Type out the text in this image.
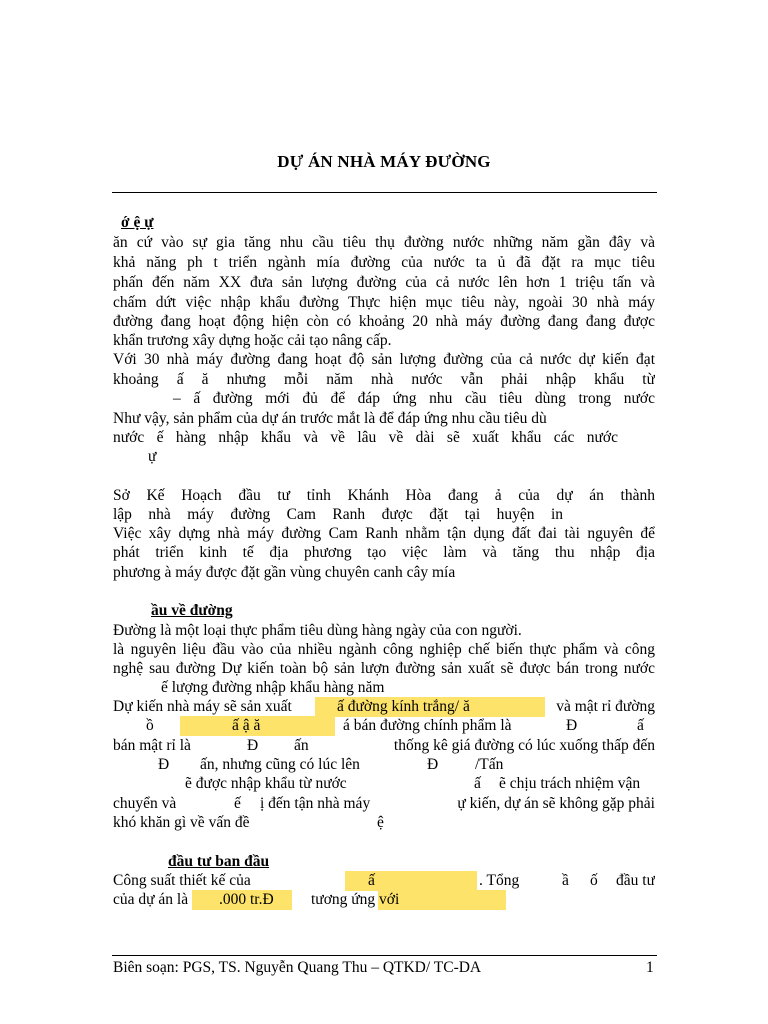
DỰ ÁN NHÀ MÁY ĐƯỜNG
ớ ệ ự
ăn cứ vào sự gia tăng nhu cầu tiêu thụ đường nước những năm gần đây và
khả năng ph t triển ngành mía đường của nước ta ủ đã đặt ra mục tiêu
phấn đến năm XX đưa sản lượng đường của cả nước lên hơn 1 triệu tấn và
chấm dứt việc nhập khẩu đường Thực hiện mục tiêu này, ngoài 30 nhà máy
đường đang hoạt động hiện còn có khoảng 20 nhà máy đường đang đang được
khẩn trương xây dựng hoặc cải tạo nâng cấp.
Với 30 nhà máy đường đang hoạt độ sản lượng đường của cả nước dự kiến đạt
khoảng ấ ă nhưng mỗi năm nhà nước vẫn phải nhập khẩu từ
– ấ đường mới đủ để đáp ứng nhu cầu tiêu dùng trong nước
Như vậy, sản phẩm của dự án trước mắt là để đáp ứng nhu cầu tiêu dù
nước ế hàng nhập khẩu và về lâu về dài sẽ xuất khẩu các nước
ự
Sở Kế Hoạch đầu tư tỉnh Khánh Hòa đang ả của dự án thành
lập nhà máy đường Cam Ranh được đặt tại huyện in
Việc xây dựng nhà máy đường Cam Ranh nhằm tận dụng đất đai tài nguyên để
phát triển kinh tế địa phương tạo việc làm và tăng thu nhập địa
phương à máy được đặt gần vùng chuyên canh cây mía
ầu về đường
Đường là một loại thực phẩm tiêu dùng hàng ngày của con người.
là nguyên liệu đầu vào của nhiều ngành công nghiệp chế biến thực phẩm và công
nghệ sau đường Dự kiến toàn bộ sản lượn đường sản xuất sẽ được bán trong nước
ế lượng đường nhập khẩu hàng năm
Dự kiến nhà máy sẽ sản xuất	ấ đường kính trắng/ ă	và mật rỉ đường
ồ	ấ ậ ă	á bán đường chính phẩm là	Đ	ấ
bán mật rỉ là	Đ ấn	thống kê giá đường có lúc xuống thấp đến
Đ ấn, nhưng cũng có lúc lên	Đ /Tấn
ẽ được nhập khẩu từ nước	ấ ẽ chịu trách nhiệm vận
chuyển và	ế ị đến tận nhà máy	ự kiến, dự án sẽ không gặp phải
khó khăn gì về vấn đề	ệ
đầu tư ban đầu
Công suất thiết kế của	ấ	. Tổng	ầ ố đầu tư
của dự án là .000 tr.Đ tương ứng với
Biên soạn: PGS, TS. Nguyễn Quang Thu – QTKD/ TC-DA	1
